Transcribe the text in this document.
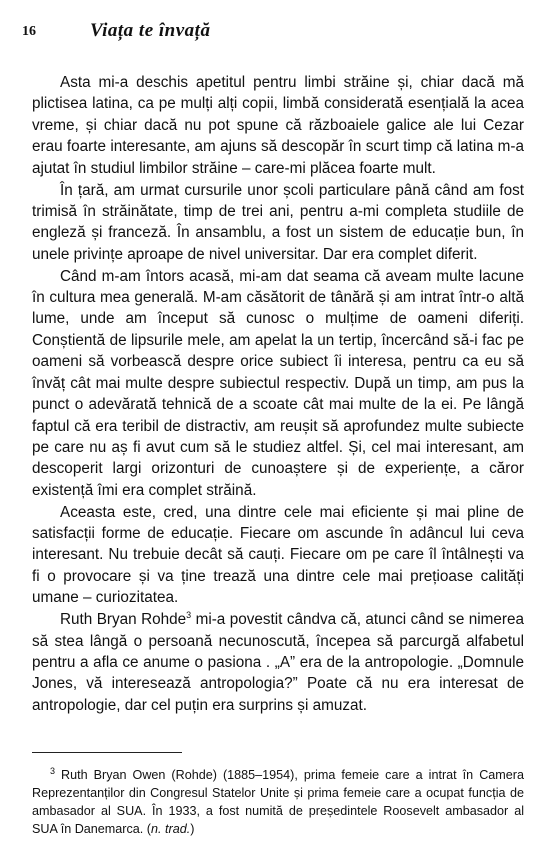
16	Viața te învață

Asta mi-a deschis apetitul pentru limbi străine și, chiar dacă mă plictisea latina, ca pe mulți alți copii, limbă considerată esențială la acea vreme, și chiar dacă nu pot spune că războaiele galice ale lui Cezar erau foarte interesante, am ajuns să descopăr în scurt timp că latina m-a ajutat în studiul limbilor străine – care-mi plăcea foarte mult.

În țară, am urmat cursurile unor școli particulare până când am fost trimisă în străinătate, timp de trei ani, pentru a-mi completa studiile de engleză și franceză. În ansamblu, a fost un sistem de educație bun, în unele privințe aproape de nivel universitar. Dar era complet diferit.

Când m-am întors acasă, mi-am dat seama că aveam multe lacune în cultura mea generală. M-am căsătorit de tânără și am intrat într-o altă lume, unde am început să cunosc o mulțime de oameni diferiți. Conștientă de lipsurile mele, am apelat la un tertip, încercând să-i fac pe oameni să vorbească despre orice subiect îi interesa, pentru ca eu să învăț cât mai multe despre subiectul respectiv. După un timp, am pus la punct o adevărată tehnică de a scoate cât mai multe de la ei. Pe lângă faptul că era teribil de distractiv, am reușit să aprofundez multe subiecte pe care nu aș fi avut cum să le studiez altfel. Și, cel mai interesant, am descoperit largi orizonturi de cunoaștere și de experiențe, a căror existență îmi era complet străină.

Aceasta este, cred, una dintre cele mai eficiente și mai pline de satisfacții forme de educație. Fiecare om ascunde în adâncul lui ceva interesant. Nu trebuie decât să cauți. Fiecare om pe care îl întâlnești va fi o provocare și va ține trează una dintre cele mai prețioase calități umane – curiozitatea.

Ruth Bryan Rohde$^3$ mi-a povestit cândva că, atunci când se nimerea să stea lângă o persoană necunoscută, începea să parcurgă alfabetul pentru a afla ce anume o pasiona . „A” era de la antropologie. „Domnule Jones, vă interesează antropologia?” Poate că nu era interesat de antropologie, dar cel puțin era surprins și amuzat.

$^3$ Ruth Bryan Owen (Rohde) (1885–1954), prima femeie care a intrat în Camera Reprezentanților din Congresul Statelor Unite și prima femeie care a ocupat funcția de ambasador al SUA. În 1933, a fost numită de președintele Roosevelt ambasador al SUA în Danemarca. (n. trad.)
